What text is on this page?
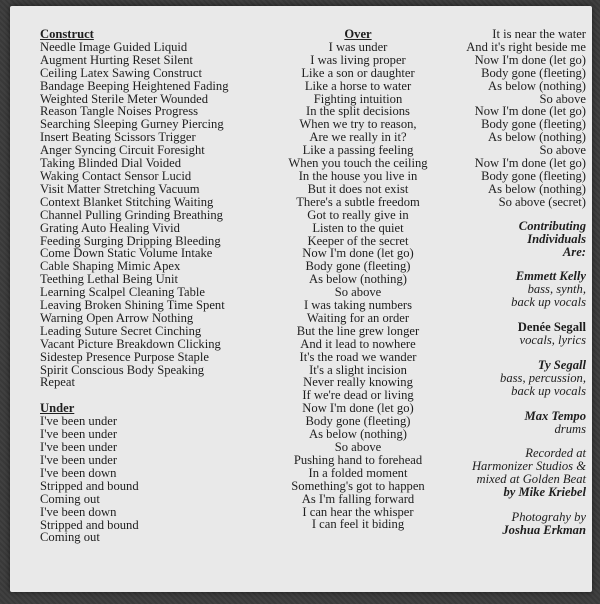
Construct
Needle Image Guided Liquid
Augment Hurting Reset Silent
Ceiling Latex Sawing Construct
Bandage Beeping Heightened Fading
Weighted Sterile Meter Wounded
Reason Tangle Noises Progress
Searching Sleeping Gurney Piercing
Insert Beating Scissors Trigger
Anger Syncing Circuit Foresight
Taking Blinded Dial Voided
Waking Contact Sensor Lucid
Visit Matter Stretching Vacuum
Context Blanket Stitching Waiting
Channel Pulling Grinding Breathing
Grating Auto Healing Vivid
Feeding Surging Dripping Bleeding
Come Down Static Volume Intake
Cable Shaping Mimic Apex
Teething Lethal Being Unit
Learning Scalpel Cleaning Table
Leaving Broken Shining Time Spent
Warning Open Arrow Nothing
Leading Suture Secret Cinching
Vacant Picture Breakdown Clicking
Sidestep Presence Purpose Staple
Spirit Conscious Body Speaking
Repeat
Under
I've been under
I've been under
I've been under
I've been under
I've been down
Stripped and bound
Coming out
I've been down
Stripped and bound
Coming out
Over
I was under
I was living proper
Like a son or daughter
Like a horse to water
Fighting intuition
In the split decisions
When we try to reason,
Are we really in it?
Like a passing feeling
When you touch the ceiling
In the house you live in
But it does not exist
There's a subtle freedom
Got to really give in
Listen to the quiet
Keeper of the secret
Now I'm done (let go)
Body gone (fleeting)
As below (nothing)
So above
I was taking numbers
Waiting for an order
But the line grew longer
And it lead to nowhere
It's the road we wander
It's a slight incision
Never really knowing
If we're dead or living
Now I'm done (let go)
Body gone (fleeting)
As below (nothing)
So above
Pushing hand to forehead
In a folded moment
Something's got to happen
As I'm falling forward
I can hear the whisper
I can feel it biding
It is near the water
And it's right beside me
Now I'm done (let go)
Body gone (fleeting)
As below (nothing)
So above
Now I'm done (let go)
Body gone (fleeting)
As below (nothing)
So above
Now I'm done (let go)
Body gone (fleeting)
As below (nothing)
So above (secret)
Contributing
Individuals
Are:
Emmett Kelly
bass, synth,
back up vocals
Denée Segall
vocals, lyrics
Ty Segall
bass, percussion,
back up vocals
Max Tempo
drums
Recorded at
Harmonizer Studios &
mixed at Golden Beat
by Mike Kriebel
Photograhy by
Joshua Erkman
